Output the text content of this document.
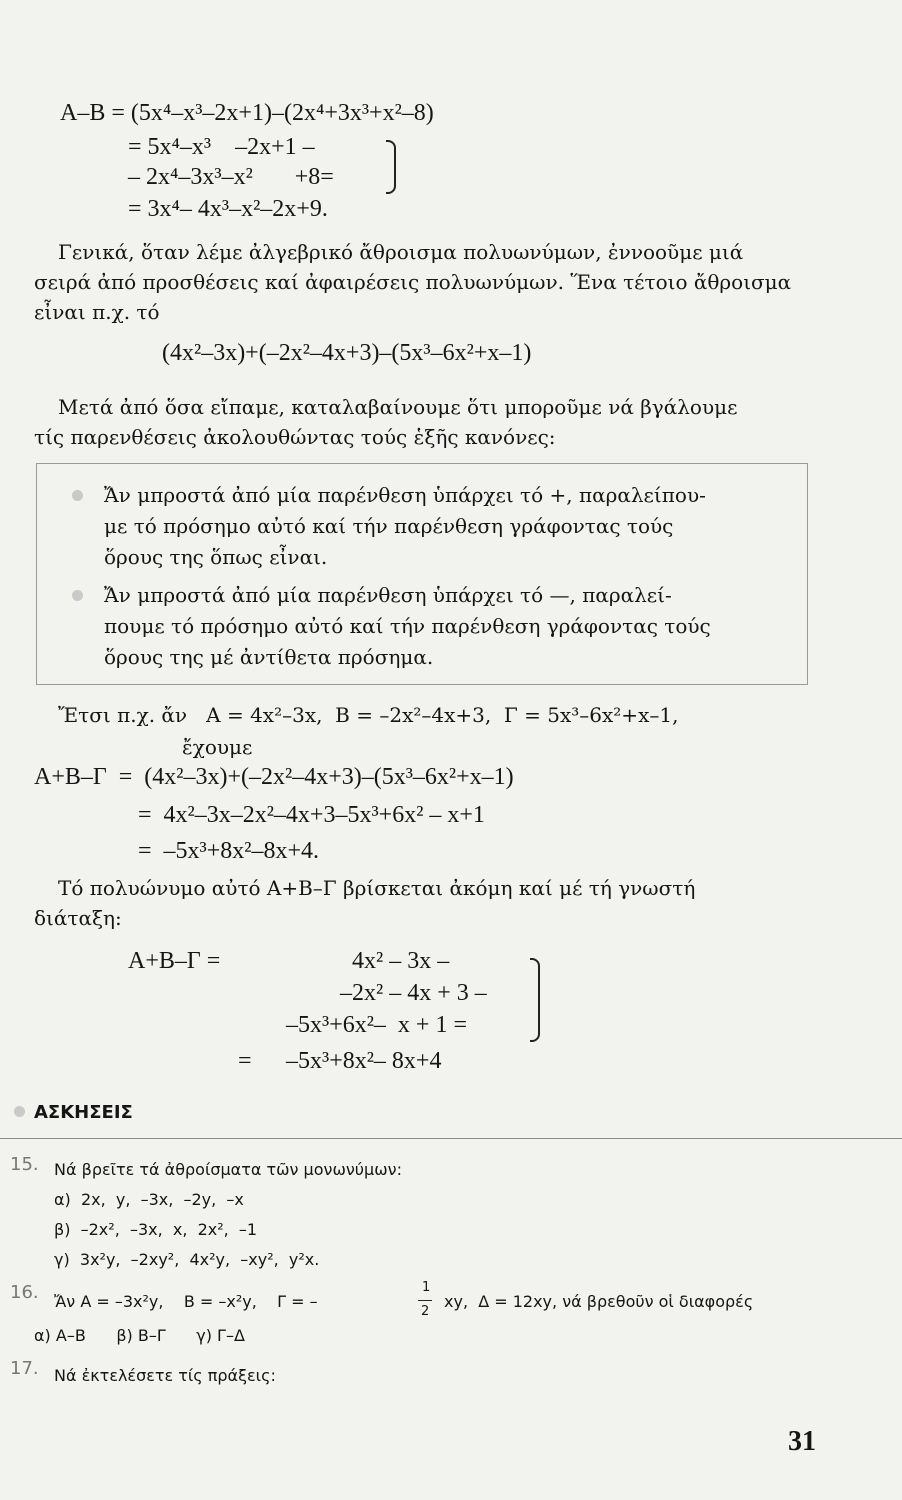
A–B = (5x⁴–x³–2x+1)–(2x⁴+3x³+x²–8)
= 5x⁴–x³    –2x+1 –
– 2x⁴–3x³–x²       +8=
= 3x⁴– 4x³–x²–2x+9.
Γενικά, ὅταν λέμε ἀλγεβρικό ἄθροισμα πολυωνύμων, ἐννοοῦμε μιά
σειρά ἀπό προσθέσεις καί ἀφαιρέσεις πολυωνύμων. Ἕνα τέτοιο ἄθροισμα
εἶναι π.χ. τό
(4x²–3x)+(–2x²–4x+3)–(5x³–6x²+x–1)
Μετά ἀπό ὅσα εἴπαμε, καταλαβαίνουμε ὅτι μποροῦμε νά βγάλουμε
τίς παρενθέσεις ἀκολουθώντας τούς ἑξῆς κανόνες:
Ἄν μπροστά ἀπό μία παρένθεση ὑπάρχει τό +, παραλείπου-
με τό πρόσημο αὐτό καί τήν παρένθεση γράφοντας τούς
ὅρους της ὅπως εἶναι.
Ἄν μπροστά ἀπό μία παρένθεση ὑπάρχει τό —, παραλεί-
πουμε τό πρόσημο αὐτό καί τήν παρένθεση γράφοντας τούς
ὅρους της μέ ἀντίθετα πρόσημα.
Ἔτσι π.χ. ἄν   A = 4x²–3x,  B = –2x²–4x+3,  Γ = 5x³–6x²+x–1,
ἔχουμε
A+B–Γ  =  (4x²–3x)+(–2x²–4x+3)–(5x³–6x²+x–1)
=  4x²–3x–2x²–4x+3–5x³+6x² – x+1
=  –5x³+8x²–8x+4.
Τό πολυώνυμο αὐτό A+B–Γ βρίσκεται ἀκόμη καί μέ τή γνωστή
διάταξη:
A+B–Γ =	4x² – 3x –
–2x² – 4x + 3 –
–5x³+6x²–  x + 1 =
= –5x³+8x²– 8x+4
ΑΣΚΗΣΕΙΣ
15. Νά βρεῖτε τά ἀθροίσματα τῶν μονωνύμων:
α)  2x,  y,  –3x,  –2y,  –x
β)  –2x²,  –3x,  x,  2x²,  –1
γ)  3x²y,  –2xy²,  4x²y,  –xy²,  y²x.
16. Ἄν A = –3x²y,    B = –x²y,    Γ = –
1
2
xy,  Δ = 12xy, νά βρεθοῦν οἱ διαφορές
α) A–B      β) B–Γ      γ) Γ–Δ
17. Νά ἐκτελέσετε τίς πράξεις:
31
